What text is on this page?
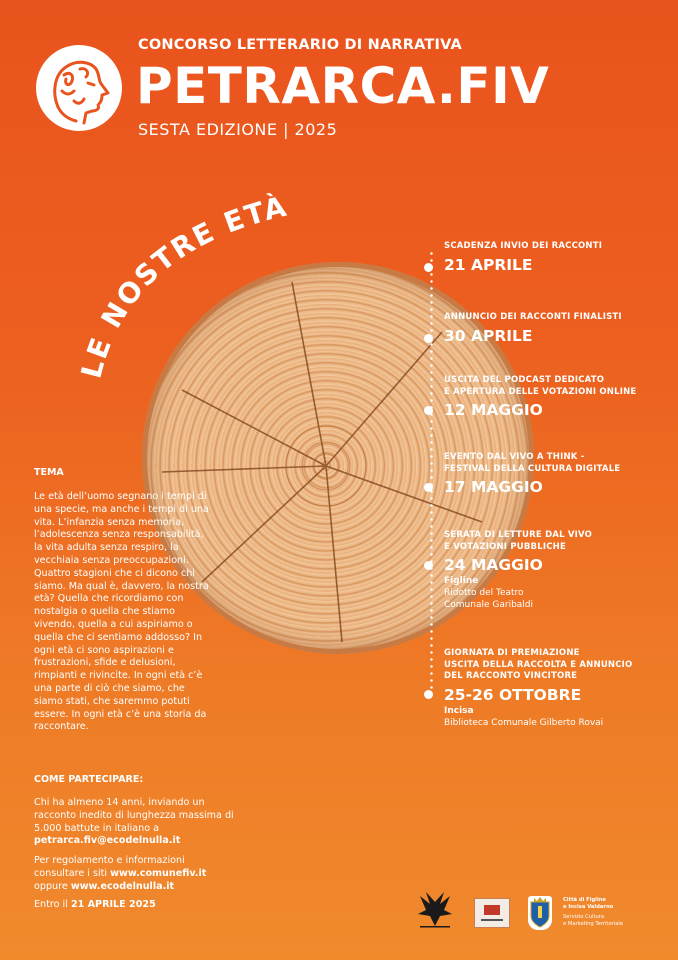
CONCORSO LETTERARIO DI NARRATIVA
PETRARCA.FIV
SESTA EDIZIONE | 2025
LE NOSTRE ETÀ
SCADENZA INVIO DEI RACCONTI
21 APRILE
ANNUNCIO DEI RACCONTI FINALISTI
30 APRILE
USCITA DEL PODCAST DEDICATO
E APERTURA DELLE VOTAZIONI ONLINE
12 MAGGIO
EVENTO DAL VIVO A THINK -
FESTIVAL DELLA CULTURA DIGITALE
17 MAGGIO
SERATA DI LETTURE DAL VIVO
E VOTAZIONI PUBBLICHE
24 MAGGIO
Figline
Ridotto del Teatro
Comunale Garibaldi
GIORNATA DI PREMIAZIONE
USCITA DELLA RACCOLTA E ANNUNCIO
DEL RACCONTO VINCITORE
25-26 OTTOBRE
Incisa
Biblioteca Comunale Gilberto Rovai
TEMA
Le età dell’uomo segnano i tempi di una specie, ma anche i tempi di una vita. L’infanzia senza memoria, l’adolescenza senza responsabilità, la vita adulta senza respiro, la vecchiaia senza preoccupazioni. Quattro stagioni che ci dicono chi siamo. Ma qual è, davvero, la nostra età? Quella che ricordiamo con nostalgia o quella che stiamo vivendo, quella a cui aspiriamo o quella che ci sentiamo addosso? In ogni età ci sono aspirazioni e frustrazioni, sfide e delusioni, rimpianti e rivincite. In ogni età c’è una parte di ciò che siamo, che siamo stati, che saremmo potuti essere. In ogni età c’è una storia da raccontare.
COME PARTECIPARE:
Chi ha almeno 14 anni, inviando un racconto inedito di lunghezza massima di 5.000 battute in italiano a petrarca.fiv@ecodelnulla.it
Per regolamento e informazioni consultare i siti www.comunefiv.it oppure www.ecodelnulla.it
Entro il 21 APRILE 2025	Città di Figline
e Incisa Valdarno
Servizio Cultura
e Marketing Territoriale
